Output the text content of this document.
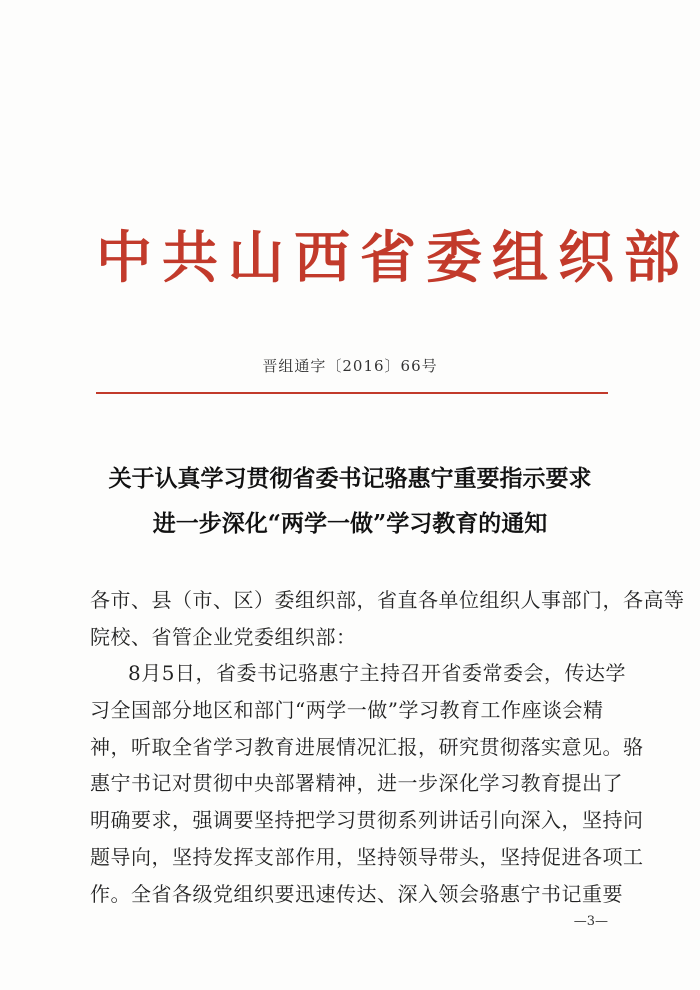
中共山西省委组织部
晋组通字〔2016〕66号
关于认真学习贯彻省委书记骆惠宁重要指示要求
进一步深化“两学一做”学习教育的通知
各市、县（市、区）委组织部，省直各单位组织人事部门，各高等
院校、省管企业党委组织部：
8月5日，省委书记骆惠宁主持召开省委常委会，传达学
习全国部分地区和部门“两学一做”学习教育工作座谈会精
神，听取全省学习教育进展情况汇报，研究贯彻落实意见。骆
惠宁书记对贯彻中央部署精神，进一步深化学习教育提出了
明确要求，强调要坚持把学习贯彻系列讲话引向深入，坚持问
题导向，坚持发挥支部作用，坚持领导带头，坚持促进各项工
作。全省各级党组织要迅速传达、深入领会骆惠宁书记重要
—3—
